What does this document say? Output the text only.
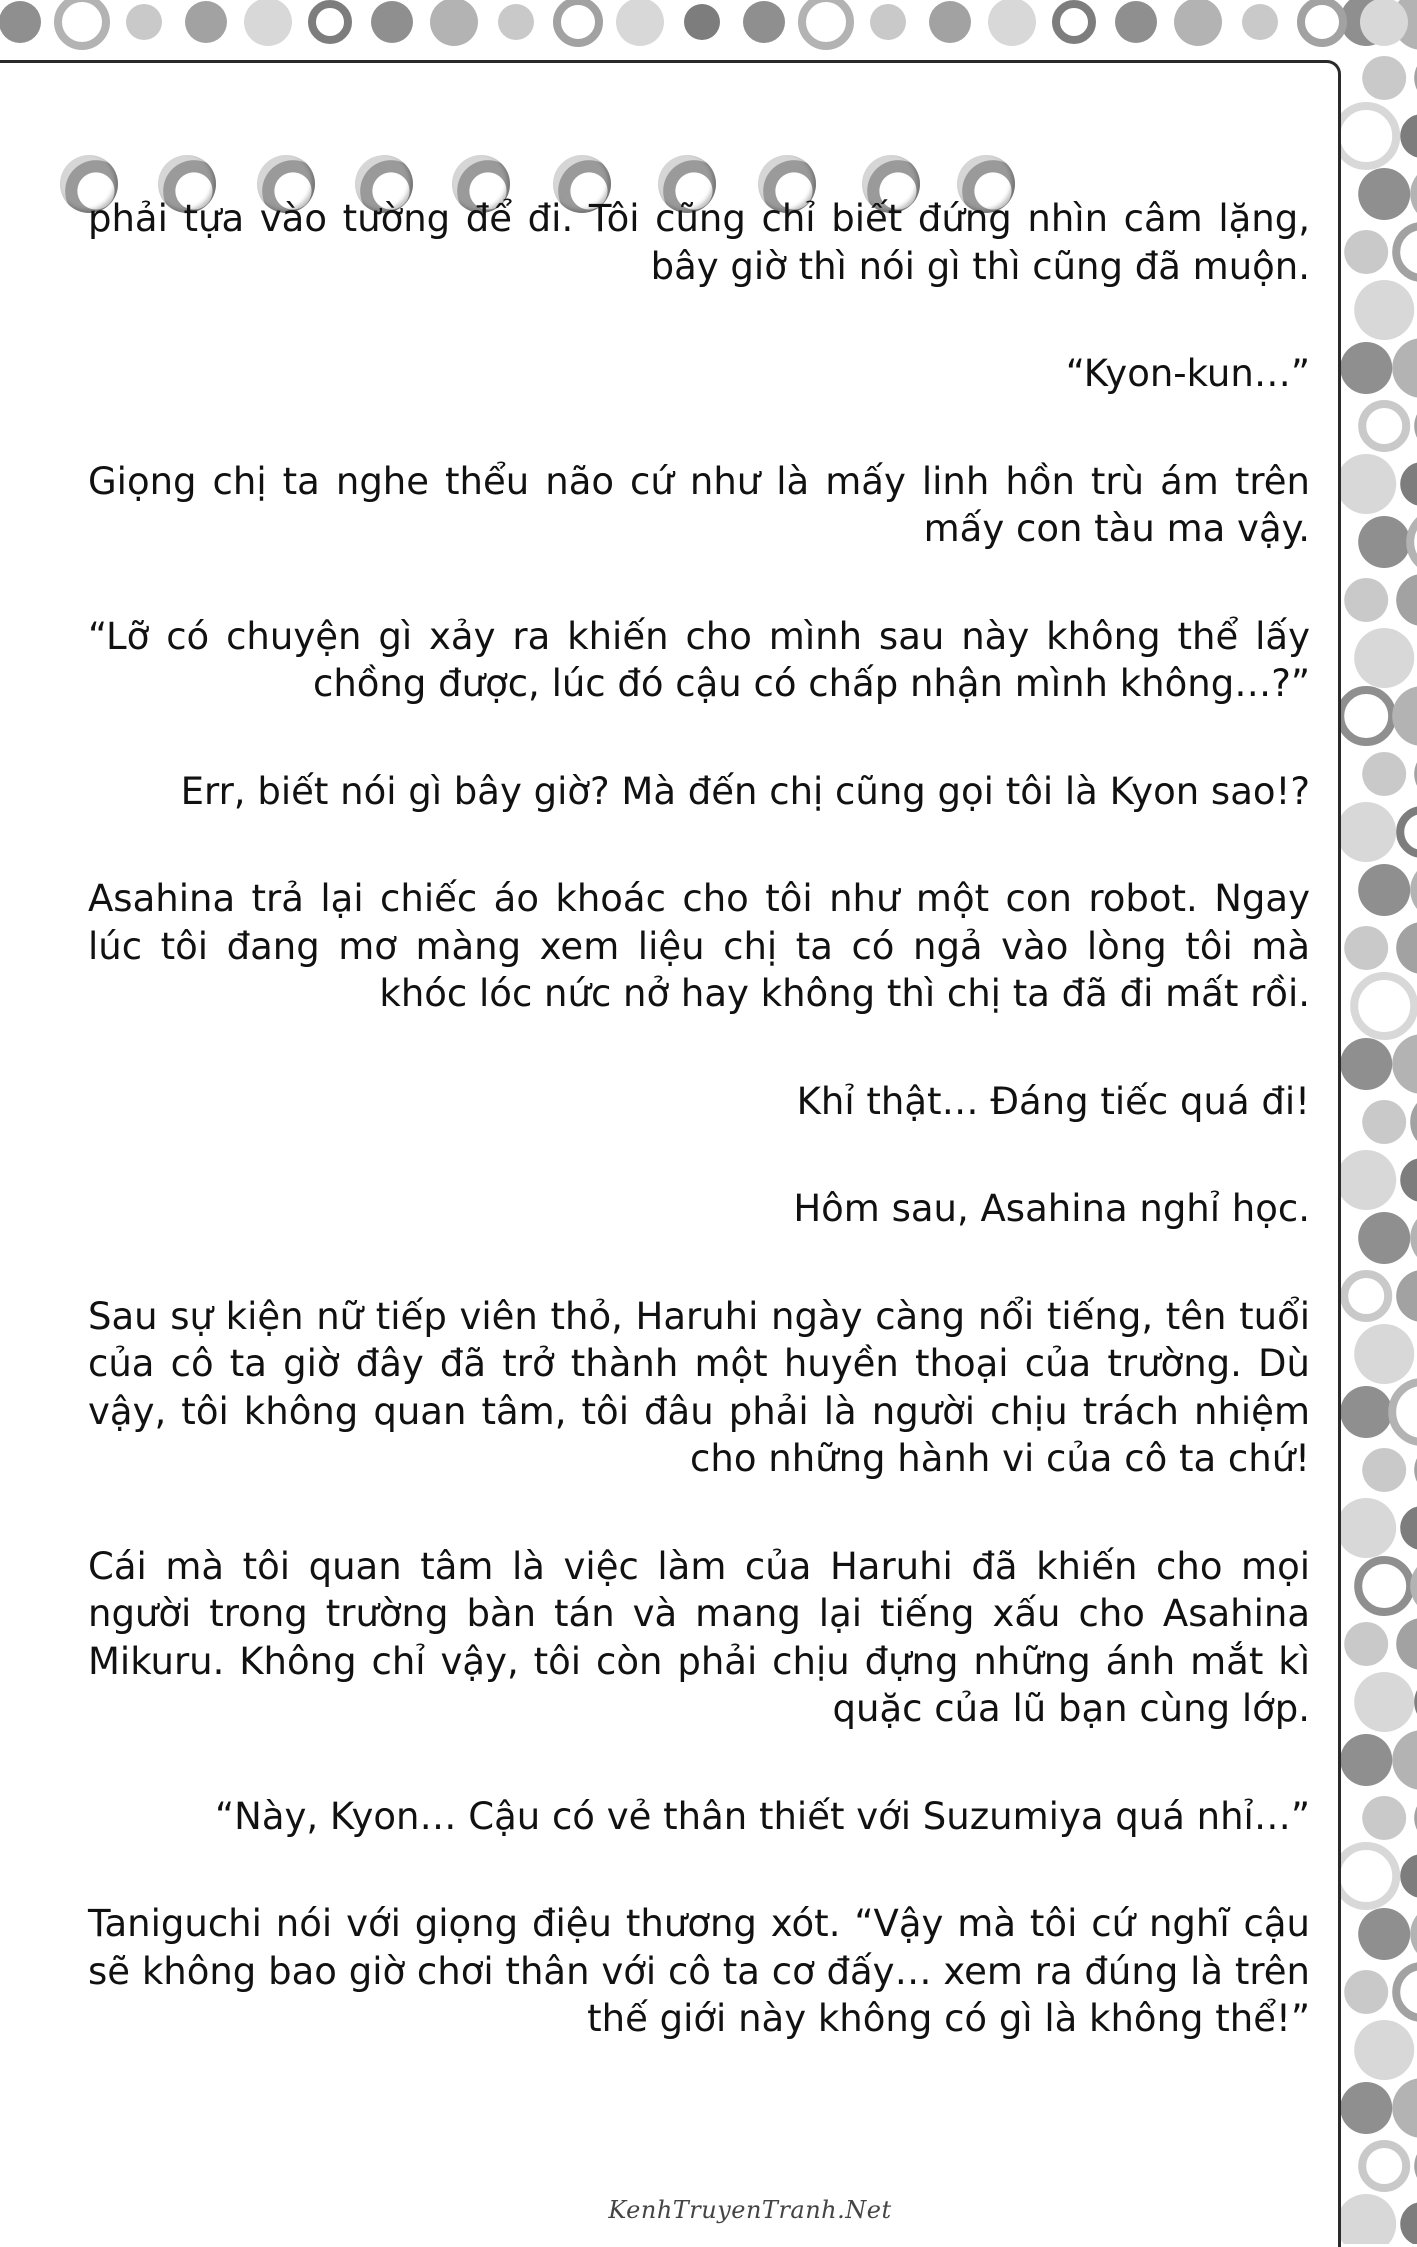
phải tựa vào tường để đi. Tôi cũng chỉ biết đứng nhìn câm lặng, bây giờ thì nói gì thì cũng đã muộn.

“Kyon-kun…”

Giọng chị ta nghe thểu não cứ như là mấy linh hồn trù ám trên mấy con tàu ma vậy.

“Lỡ có chuyện gì xảy ra khiến cho mình sau này không thể lấy chồng được, lúc đó cậu có chấp nhận mình không…?”

Err, biết nói gì bây giờ? Mà đến chị cũng gọi tôi là Kyon sao!?

Asahina trả lại chiếc áo khoác cho tôi như một con robot. Ngay lúc tôi đang mơ màng xem liệu chị ta có ngả vào lòng tôi mà khóc lóc nức nở hay không thì chị ta đã đi mất rồi.

Khỉ thật… Đáng tiếc quá đi!

Hôm sau, Asahina nghỉ học.

Sau sự kiện nữ tiếp viên thỏ, Haruhi ngày càng nổi tiếng, tên tuổi của cô ta giờ đây đã trở thành một huyền thoại của trường. Dù vậy, tôi không quan tâm, tôi đâu phải là người chịu trách nhiệm cho những hành vi của cô ta chứ!

Cái mà tôi quan tâm là việc làm của Haruhi đã khiến cho mọi người trong trường bàn tán và mang lại tiếng xấu cho Asahina Mikuru. Không chỉ vậy, tôi còn phải chịu đựng những ánh mắt kì quặc của lũ bạn cùng lớp.

“Này, Kyon… Cậu có vẻ thân thiết với Suzumiya quá nhỉ…”

Taniguchi nói với giọng điệu thương xót. “Vậy mà tôi cứ nghĩ cậu sẽ không bao giờ chơi thân với cô ta cơ đấy… xem ra đúng là trên thế giới này không có gì là không thể!”

KenhTruyenTranh.Net
